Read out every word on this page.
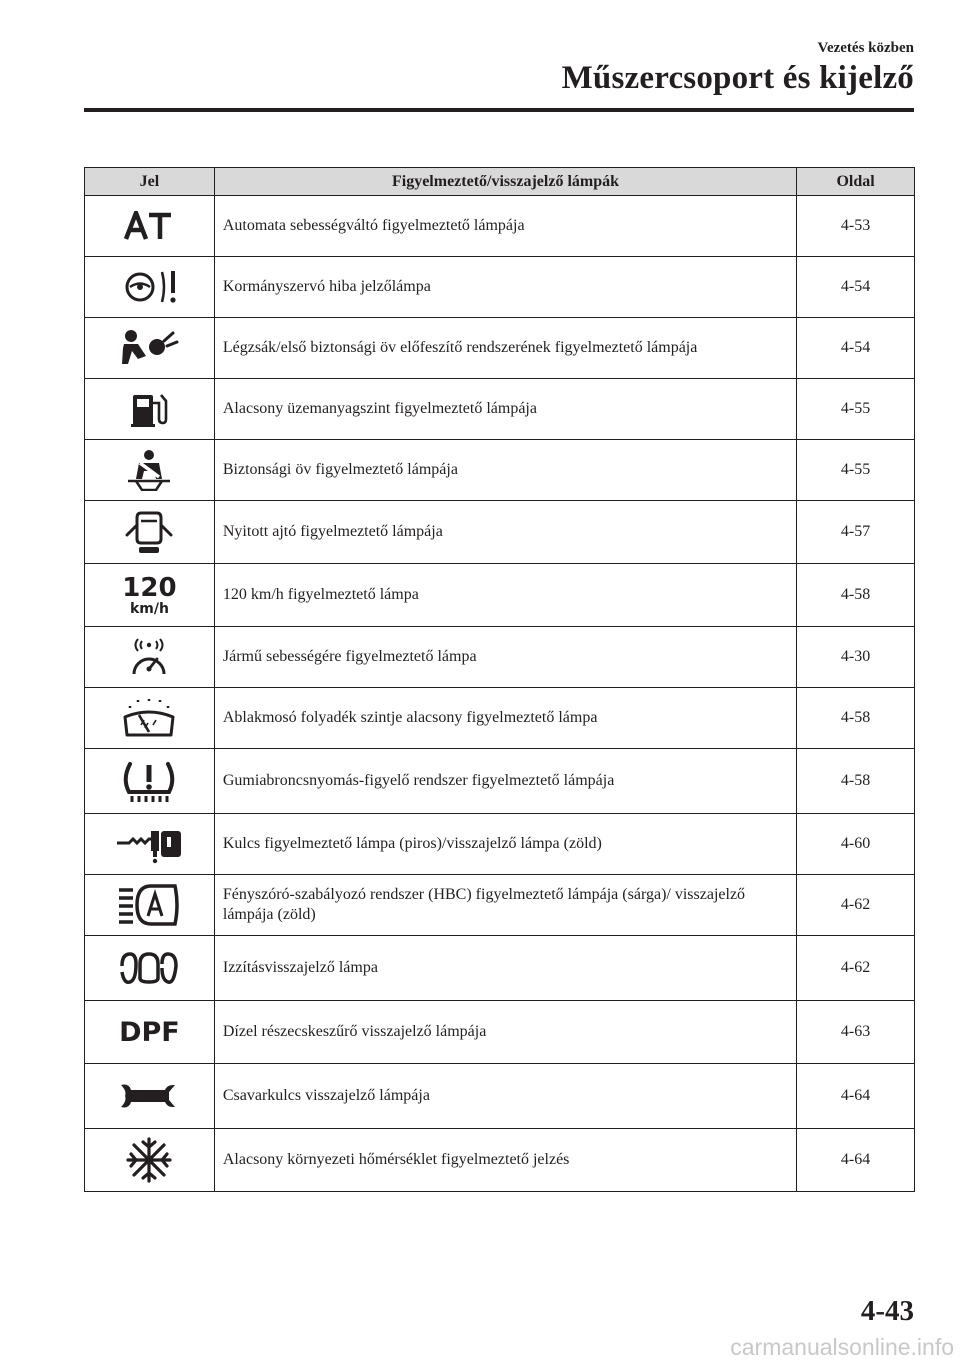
Vezetés közben
Műszercsoport és kijelző
Jel	Figyelmeztető/visszajelző lámpák	Oldal

	Automata sebességváltó figyelmeztető lámpája	4-53

	Kormányszervó hiba jelzőlámpa	4-54

	Légzsák/első biztonsági öv előfeszítő rendszerének figyelmeztető lámpája	4-54

	Alacsony üzemanyagszint figyelmeztető lámpája	4-55

	Biztonsági öv figyelmeztető lámpája	4-55

	Nyitott ajtó figyelmeztető lámpája	4-57

120
km/h	120 km/h figyelmeztető lámpa	4-58

	Jármű sebességére figyelmeztető lámpa	4-30

	Ablakmosó folyadék szintje alacsony figyelmeztető lámpa	4-58

	Gumiabroncsnyomás-figyelő rendszer figyelmeztető lámpája	4-58

	Kulcs figyelmeztető lámpa (piros)/visszajelző lámpa (zöld)	4-60

	Fényszóró-szabályozó rendszer (HBC) figyelmeztető lámpája (sárga)/ visszajelző lámpája (zöld)	4-62

	Izzításvisszajelző lámpa	4-62

DPF	Dízel részecskeszűrő visszajelző lámpája	4-63

	Csavarkulcs visszajelző lámpája	4-64

	Alacsony környezeti hőmérséklet figyelmeztető jelzés	4-64
4-43
carmanualsonline.info
